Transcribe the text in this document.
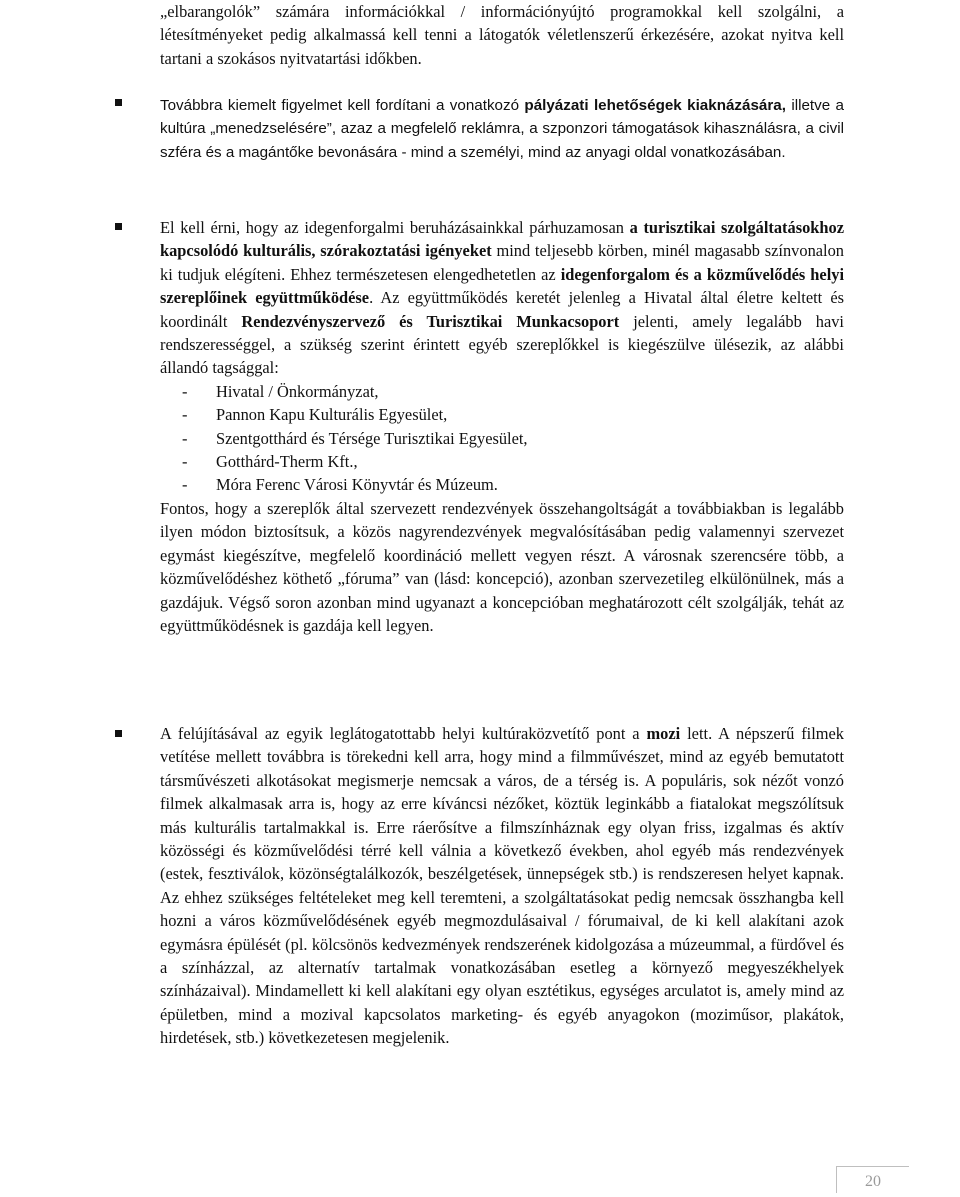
„elbarangolók” számára információkkal / információnyújtó programokkal kell szolgálni, a létesítményeket pedig alkalmassá kell tenni a látogatók véletlenszerű érkezésére, azokat nyitva kell tartani a szokásos nyitvatartási időkben.

Továbbra kiemelt figyelmet kell fordítani a vonatkozó pályázati lehetőségek kiaknázására, illetve a kultúra „menedzselésére”, azaz a megfelelő reklámra, a szponzori támogatások kihasználásra, a civil szféra és a magántőke bevonására - mind a személyi, mind az anyagi oldal vonatkozásában.

El kell érni, hogy az idegenforgalmi beruházásainkkal párhuzamosan a turisztikai szolgáltatásokhoz kapcsolódó kulturális, szórakoztatási igényeket mind teljesebb körben, minél magasabb színvonalon ki tudjuk elégíteni. Ehhez természetesen elengedhetetlen az idegenforgalom és a közművelődés helyi szereplőinek együttműködése. Az együttműködés keretét jelenleg a Hivatal által életre keltett és koordinált Rendezvényszervező és Turisztikai Munkacsoport jelenti, amely legalább havi rendszerességgel, a szükség szerint érintett egyéb szereplőkkel is kiegészülve ülésezik, az alábbi állandó tagsággal:

- Hivatal / Önkormányzat,
- Pannon Kapu Kulturális Egyesület,
- Szentgotthárd és Térsége Turisztikai Egyesület,
- Gotthárd-Therm Kft.,
- Móra Ferenc Városi Könyvtár és Múzeum.

Fontos, hogy a szereplők által szervezett rendezvények összehangoltságát a továbbiakban is legalább ilyen módon biztosítsuk, a közös nagyrendezvények megvalósításában pedig valamennyi szervezet egymást kiegészítve, megfelelő koordináció mellett vegyen részt. A városnak szerencsére több, a közművelődéshez köthető „fóruma” van (lásd: koncepció), azonban szervezetileg elkülönülnek, más a gazdájuk. Végső soron azonban mind ugyanazt a koncepcióban meghatározott célt szolgálják, tehát az együttműködésnek is gazdája kell legyen.

A felújításával az egyik leglátogatottabb helyi kultúraközvetítő pont a mozi lett. A népszerű filmek vetítése mellett továbbra is törekedni kell arra, hogy mind a filmművészet, mind az egyéb bemutatott társművészeti alkotásokat megismerje nemcsak a város, de a térség is. A populáris, sok nézőt vonzó filmek alkalmasak arra is, hogy az erre kíváncsi nézőket, köztük leginkább a fiatalokat megszólítsuk más kulturális tartalmakkal is. Erre ráerősítve a filmszínháznak egy olyan friss, izgalmas és aktív közösségi és közművelődési térré kell válnia a következő években, ahol egyéb más rendezvények (estek, fesztiválok, közönségtalálkozók, beszélgetések, ünnepségek stb.) is rendszeresen helyet kapnak. Az ehhez szükséges feltételeket meg kell teremteni, a szolgáltatásokat pedig nemcsak összhangba kell hozni a város közművelődésének egyéb megmozdulásaival / fórumaival, de ki kell alakítani azok egymásra épülését (pl. kölcsönös kedvezmények rendszerének kidolgozása a múzeummal, a fürdővel és a színházzal, az alternatív tartalmak vonatkozásában esetleg a környező megyeszékhelyek színházaival). Mindamellett ki kell alakítani egy olyan esztétikus, egységes arculatot is, amely mind az épületben, mind a mozival kapcsolatos marketing- és egyéb anyagokon (moziműsor, plakátok, hirdetések, stb.) következetesen megjelenik.

20
